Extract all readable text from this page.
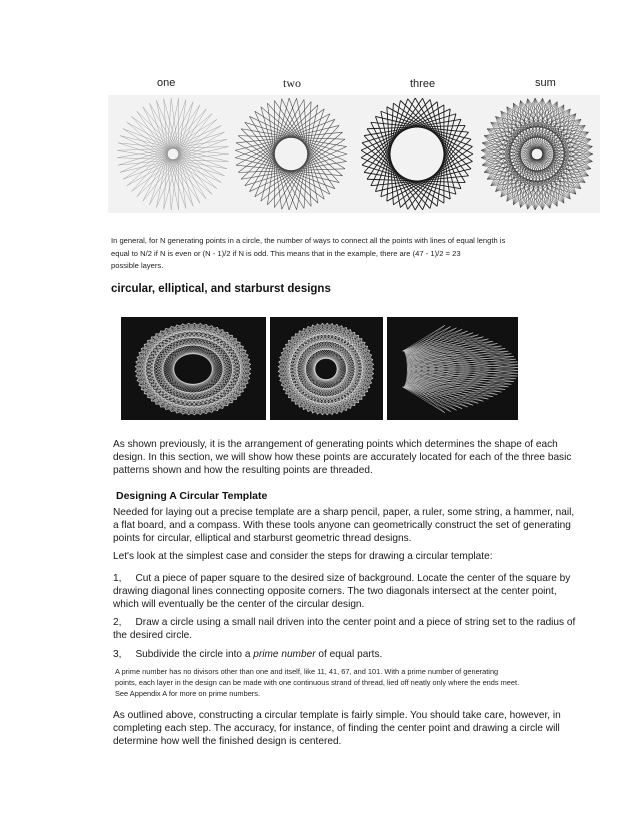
one	two	three	sum
In general, for N generating points in a circle, the number of ways to connect all the points with lines of equal length is
equal to N/2 if N is even or (N - 1)/2 if N is odd. This means that in the example, there are (47 - 1)/2 = 23
possible layers.
circular, elliptical, and starburst designs
As shown previously, it is the arrangement of generating points which determines the shape of each
design. In this section, we will show how these points are accurately located for each of the three basic
patterns shown and how the resulting points are threaded.
Designing A Circular Template
Needed for laying out a precise template are a sharp pencil, paper, a ruler, some string, a hammer, nail,
a flat board, and a compass. With these tools anyone can geometrically construct the set of generating
points for circular, elliptical and starburst geometric thread designs.
Let's look at the simplest case and consider the steps for drawing a circular template:
1,     Cut a piece of paper square to the desired size of background. Locate the center of the square by
drawing diagonal lines connecting opposite corners. The two diagonals intersect at the center point,
which will eventually be the center of the circular design.
2,     Draw a circle using a small nail driven into the center point and a piece of string set to the radius of
the desired circle.
3,     Subdivide the circle into a prime number of equal parts.
A prime number has no divisors other than one and itself, like 11, 41, 67, and 101. With a prime number of generating
points, each layer in the design can be made with one continuous strand of thread, lied off neatly only where the ends meet.
See Appendix A for more on prime numbers.
As outlined above, constructing a circular template is fairly simple. You should take care, however, in
completing each step. The accuracy, for instance, of finding the center point and drawing a circle will
determine how well the finished design is centered.
